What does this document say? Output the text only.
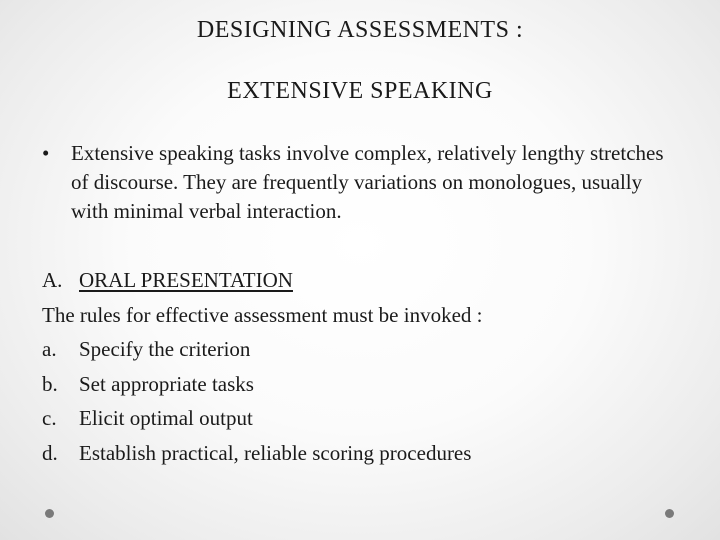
DESIGNING ASSESSMENTS :
EXTENSIVE SPEAKING
•	Extensive speaking tasks involve complex, relatively lengthy stretches of discourse. They are frequently variations on monologues, usually with minimal verbal interaction.
A. ORAL PRESENTATION
The rules for effective assessment must be invoked :
a. Specify the criterion
b. Set appropriate tasks
c. Elicit optimal output
d. Establish practical, reliable scoring procedures
